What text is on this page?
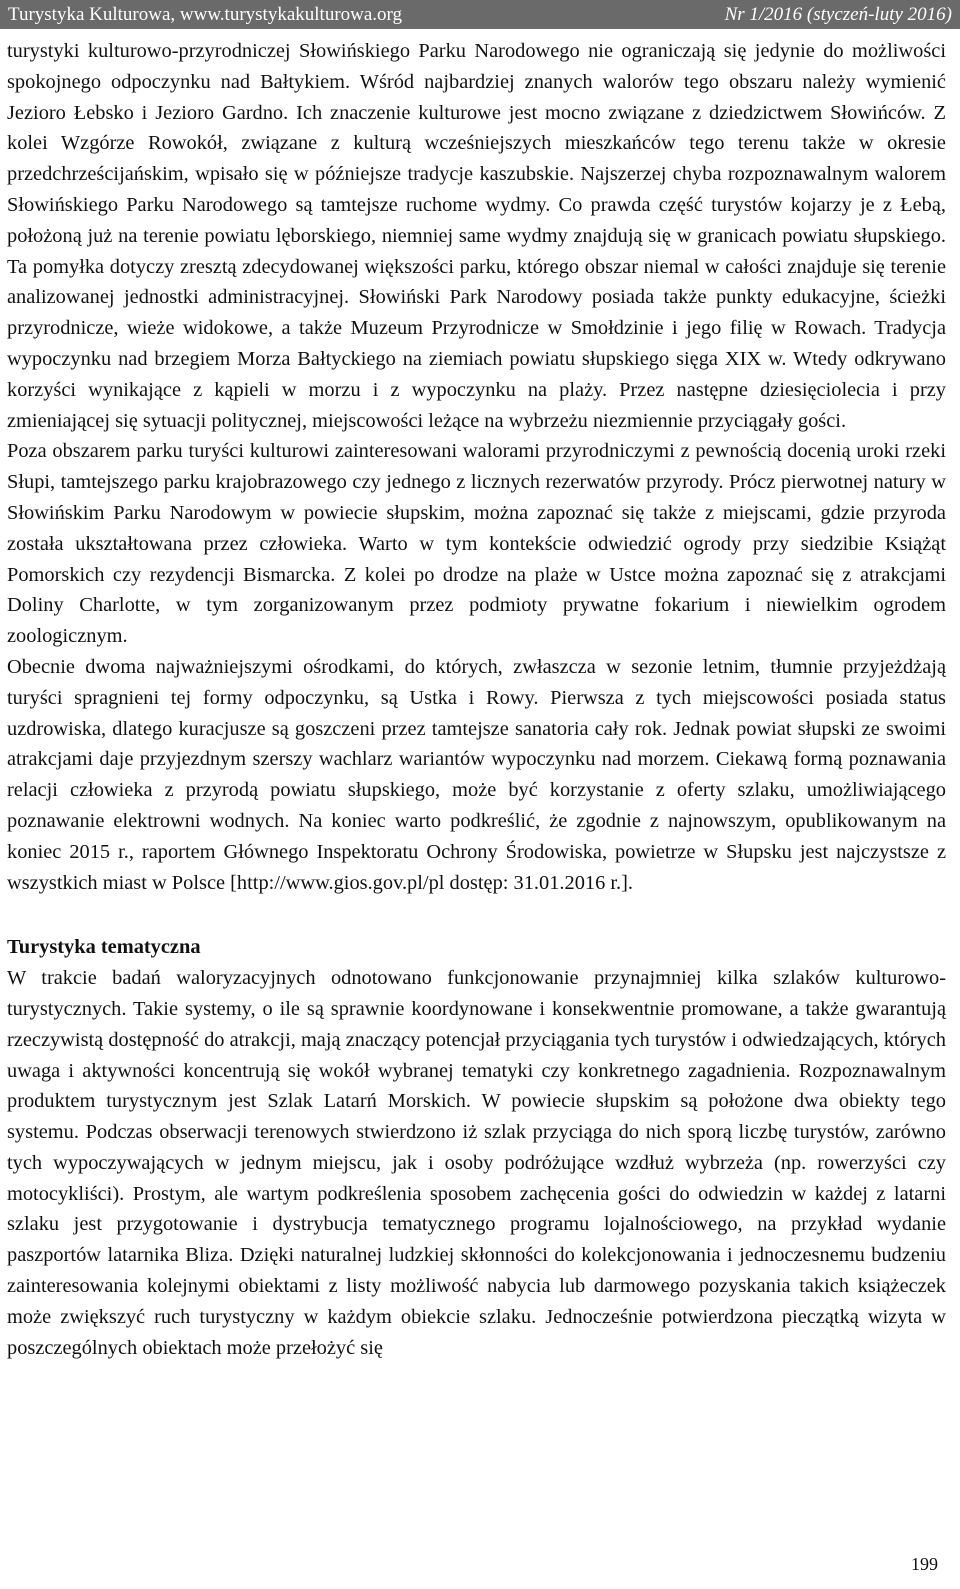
Turystyka Kulturowa, www.turystykakulturowa.org	Nr 1/2016 (styczeń-luty 2016)

turystyki kulturowo-przyrodniczej Słowińskiego Parku Narodowego nie ograniczają się jedynie do możliwości spokojnego odpoczynku nad Bałtykiem. Wśród najbardziej znanych walorów tego obszaru należy wymienić Jezioro Łebsko i Jezioro Gardno. Ich znaczenie kulturowe jest mocno związane z dziedzictwem Słowińców. Z kolei Wzgórze Rowokół, związane z kulturą wcześniejszych mieszkańców tego terenu także w okresie przedchrześcijańskim, wpisało się w późniejsze tradycje kaszubskie. Najszerzej chyba rozpoznawalnym walorem Słowińskiego Parku Narodowego są tamtejsze ruchome wydmy. Co prawda część turystów kojarzy je z Łebą, położoną już na terenie powiatu lęborskiego, niemniej same wydmy znajdują się w granicach powiatu słupskiego. Ta pomyłka dotyczy zresztą zdecydowanej większości parku, którego obszar niemal w całości znajduje się terenie analizowanej jednostki administracyjnej. Słowiński Park Narodowy posiada także punkty edukacyjne, ścieżki przyrodnicze, wieże widokowe, a także Muzeum Przyrodnicze w Smołdzinie i jego filię w Rowach. Tradycja wypoczynku nad brzegiem Morza Bałtyckiego na ziemiach powiatu słupskiego sięga XIX w. Wtedy odkrywano korzyści wynikające z kąpieli w morzu i z wypoczynku na plaży. Przez następne dziesięciolecia i przy zmieniającej się sytuacji politycznej, miejscowości leżące na wybrzeżu niezmiennie przyciągały gości.

Poza obszarem parku turyści kulturowi zainteresowani walorami przyrodniczymi z pewnością docenią uroki rzeki Słupi, tamtejszego parku krajobrazowego czy jednego z licznych rezerwatów przyrody. Prócz pierwotnej natury w Słowińskim Parku Narodowym w powiecie słupskim, można zapoznać się także z miejscami, gdzie przyroda została ukształtowana przez człowieka. Warto w tym kontekście odwiedzić ogrody przy siedzibie Książąt Pomorskich czy rezydencji Bismarcka. Z kolei po drodze na plaże w Ustce można zapoznać się z atrakcjami Doliny Charlotte, w tym zorganizowanym przez podmioty prywatne fokarium i niewielkim ogrodem zoologicznym.

Obecnie dwoma najważniejszymi ośrodkami, do których, zwłaszcza w sezonie letnim, tłumnie przyjeżdżają turyści spragnieni tej formy odpoczynku, są Ustka i Rowy. Pierwsza z tych miejscowości posiada status uzdrowiska, dlatego kuracjusze są goszczeni przez tamtejsze sanatoria cały rok. Jednak powiat słupski ze swoimi atrakcjami daje przyjezdnym szerszy wachlarz wariantów wypoczynku nad morzem. Ciekawą formą poznawania relacji człowieka z przyrodą powiatu słupskiego, może być korzystanie z oferty szlaku, umożliwiającego poznawanie elektrowni wodnych. Na koniec warto podkreślić, że zgodnie z najnowszym, opublikowanym na koniec 2015 r., raportem Głównego Inspektoratu Ochrony Środowiska, powietrze w Słupsku jest najczystsze z wszystkich miast w Polsce [http://www.gios.gov.pl/pl dostęp: 31.01.2016 r.].

Turystyka tematyczna

W trakcie badań waloryzacyjnych odnotowano funkcjonowanie przynajmniej kilka szlaków kulturowo-turystycznych. Takie systemy, o ile są sprawnie koordynowane i konsekwentnie promowane, a także gwarantują rzeczywistą dostępność do atrakcji, mają znaczący potencjał przyciągania tych turystów i odwiedzających, których uwaga i aktywności koncentrują się wokół wybranej tematyki czy konkretnego zagadnienia. Rozpoznawalnym produktem turystycznym jest Szlak Latarń Morskich. W powiecie słupskim są położone dwa obiekty tego systemu. Podczas obserwacji terenowych stwierdzono iż szlak przyciąga do nich sporą liczbę turystów, zarówno tych wypoczywających w jednym miejscu, jak i osoby podróżujące wzdłuż wybrzeża (np. rowerzyści czy motocykliści). Prostym, ale wartym podkreślenia sposobem zachęcenia gości do odwiedzin w każdej z latarni szlaku jest przygotowanie i dystrybucja tematycznego programu lojalnościowego, na przykład wydanie paszportów latarnika Bliza. Dzięki naturalnej ludzkiej skłonności do kolekcjonowania i jednoczesnemu budzeniu zainteresowania kolejnymi obiektami z listy możliwość nabycia lub darmowego pozyskania takich książeczek może zwiększyć ruch turystyczny w każdym obiekcie szlaku. Jednocześnie potwierdzona pieczątką wizyta w poszczególnych obiektach może przełożyć się

199
